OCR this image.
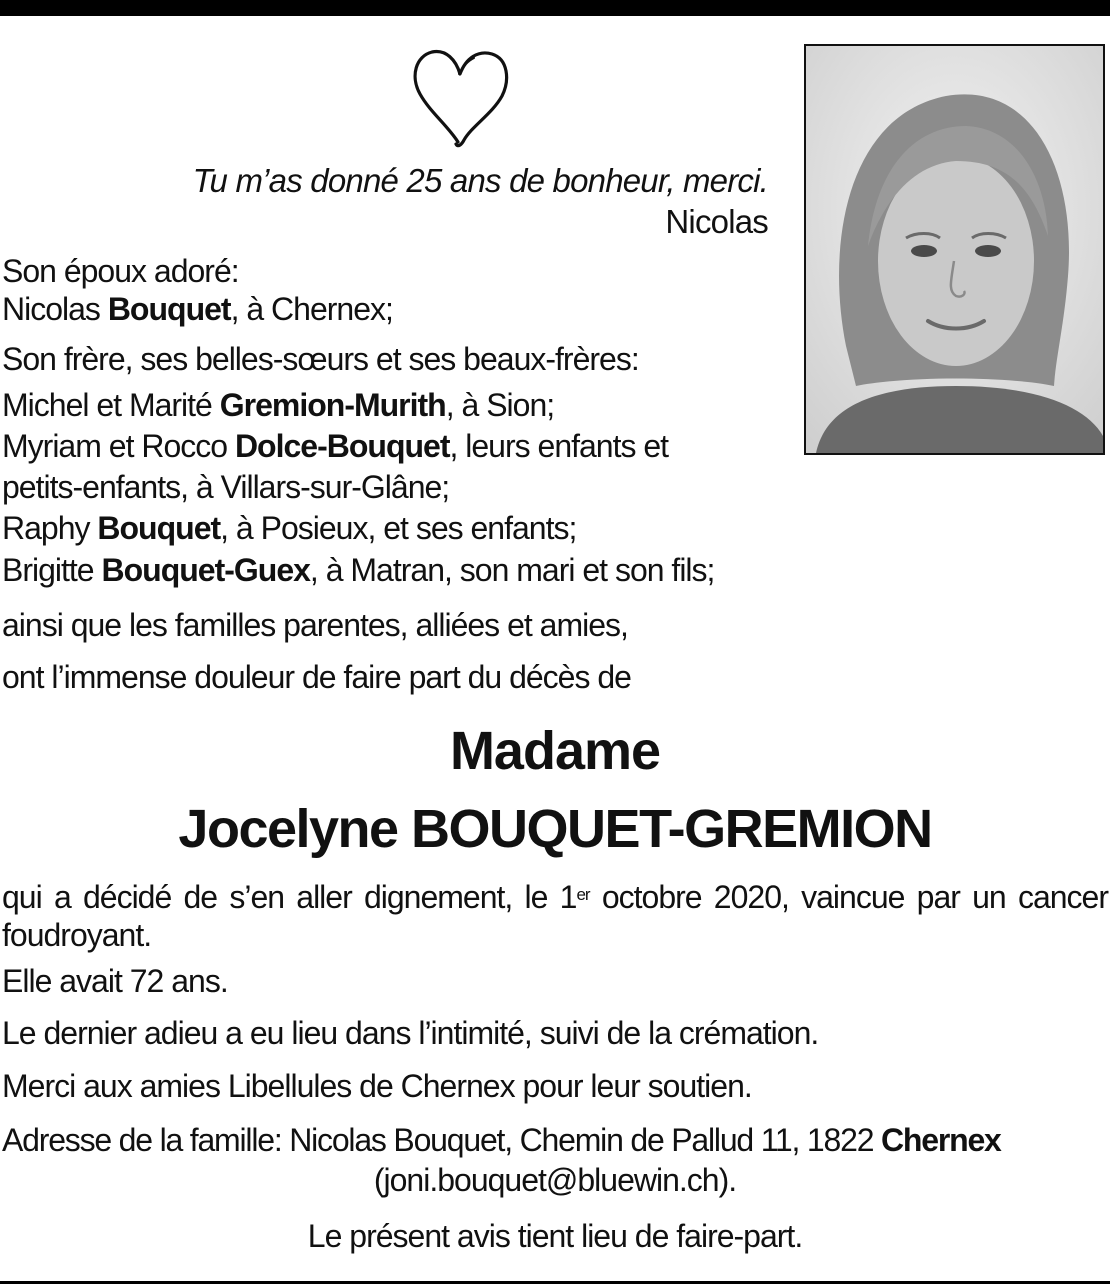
Tu m’as donné 25 ans de bonheur, merci.
Nicolas
Son époux adoré:
Nicolas Bouquet, à Chernex;
Son frère, ses belles-sœurs et ses beaux-frères:
Michel et Marité Gremion-Murith, à Sion;
Myriam et Rocco Dolce-Bouquet, leurs enfants et
petits-enfants, à Villars-sur-Glâne;
Raphy Bouquet, à Posieux, et ses enfants;
Brigitte Bouquet-Guex, à Matran, son mari et son fils;
ainsi que les familles parentes, alliées et amies,
ont l’immense douleur de faire part du décès de
Madame
Jocelyne BOUQUET-GREMION
qui a décidé de s’en aller dignement, le 1er octobre 2020, vaincue par un cancer foudroyant.
Elle avait 72 ans.
Le dernier adieu a eu lieu dans l’intimité, suivi de la crémation.
Merci aux amies Libellules de Chernex pour leur soutien.
Adresse de la famille: Nicolas Bouquet, Chemin de Pallud 11, 1822 Chernex
(joni.bouquet@bluewin.ch).
Le présent avis tient lieu de faire-part.
